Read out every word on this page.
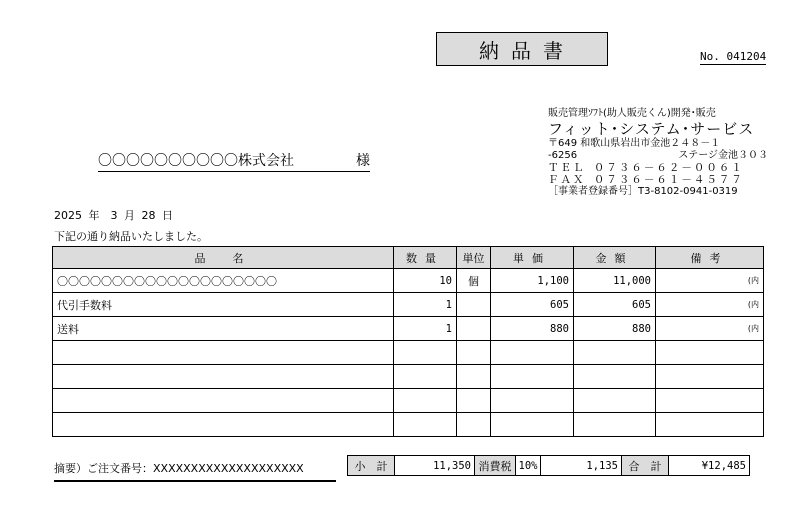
納品書	No. 041204
販売管理ｿﾌﾄ(助人販売くん)開発･販売
フィット･システム･サービス
〒649 和歌山県岩出市金池２４８－１
-6256	ステージ金池３０３
ＴＥＬ ０７３６－６２－００６１
ＦＡＸ ０７３６－６１－４５７７
［事業者登録番号］T3-8102-0941-0319
〇〇〇〇〇〇〇〇〇〇株式会社	様
2025 年　3 月 28 日
下記の通り納品いたしました。
品　名	数量	単位	単価	金額	備考
〇〇〇〇〇〇〇〇〇〇〇〇〇〇〇〇〇〇〇〇	10	個	1,100	11,000	(内
代引手数料	1		605	605	(内
送料	1		880	880	(内

摘要）ご注文番号：XXXXXXXXXXXXXXXXXXXX	小　計	11,350 消費税 10%	1,135 合　計	¥12,485
